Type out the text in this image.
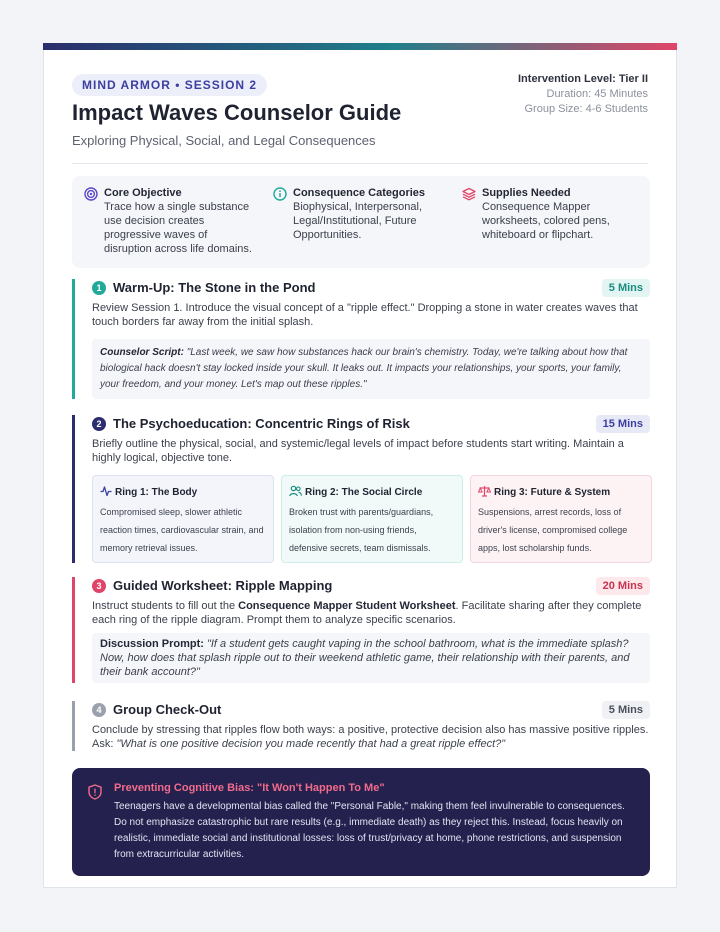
MIND ARMOR • SESSION 2
Impact Waves Counselor Guide
Exploring Physical, Social, and Legal Consequences
Intervention Level: Tier II
Duration: 45 Minutes
Group Size: 4-6 Students
Core Objective
Trace how a single substance use decision creates progressive waves of disruption across life domains.
Consequence Categories
Biophysical, Interpersonal, Legal/Institutional, Future Opportunities.
Supplies Needed
Consequence Mapper worksheets, colored pens, whiteboard or flipchart.
1 Warm-Up: The Stone in the Pond	5 Mins
Review Session 1. Introduce the visual concept of a "ripple effect." Dropping a stone in water creates waves that touch borders far away from the initial splash.
Counselor Script: "Last week, we saw how substances hack our brain's chemistry. Today, we're talking about how that biological hack doesn't stay locked inside your skull. It leaks out. It impacts your relationships, your sports, your family, your freedom, and your money. Let's map out these ripples."
2 The Psychoeducation: Concentric Rings of Risk	15 Mins
Briefly outline the physical, social, and systemic/legal levels of impact before students start writing. Maintain a highly logical, objective tone.
Ring 1: The Body
Compromised sleep, slower athletic reaction times, cardiovascular strain, and memory retrieval issues.
Ring 2: The Social Circle
Broken trust with parents/guardians, isolation from non-using friends, defensive secrets, team dismissals.
Ring 3: Future & System
Suspensions, arrest records, loss of driver's license, compromised college apps, lost scholarship funds.
3 Guided Worksheet: Ripple Mapping	20 Mins
Instruct students to fill out the Consequence Mapper Student Worksheet. Facilitate sharing after they complete each ring of the ripple diagram. Prompt them to analyze specific scenarios.
Discussion Prompt: "If a student gets caught vaping in the school bathroom, what is the immediate splash? Now, how does that splash ripple out to their weekend athletic game, their relationship with their parents, and their bank account?"
4 Group Check-Out	5 Mins
Conclude by stressing that ripples flow both ways: a positive, protective decision also has massive positive ripples. Ask: "What is one positive decision you made recently that had a great ripple effect?"
Preventing Cognitive Bias: "It Won't Happen To Me"
Teenagers have a developmental bias called the "Personal Fable," making them feel invulnerable to consequences. Do not emphasize catastrophic but rare results (e.g., immediate death) as they reject this. Instead, focus heavily on realistic, immediate social and institutional losses: loss of trust/privacy at home, phone restrictions, and suspension from extracurricular activities.
